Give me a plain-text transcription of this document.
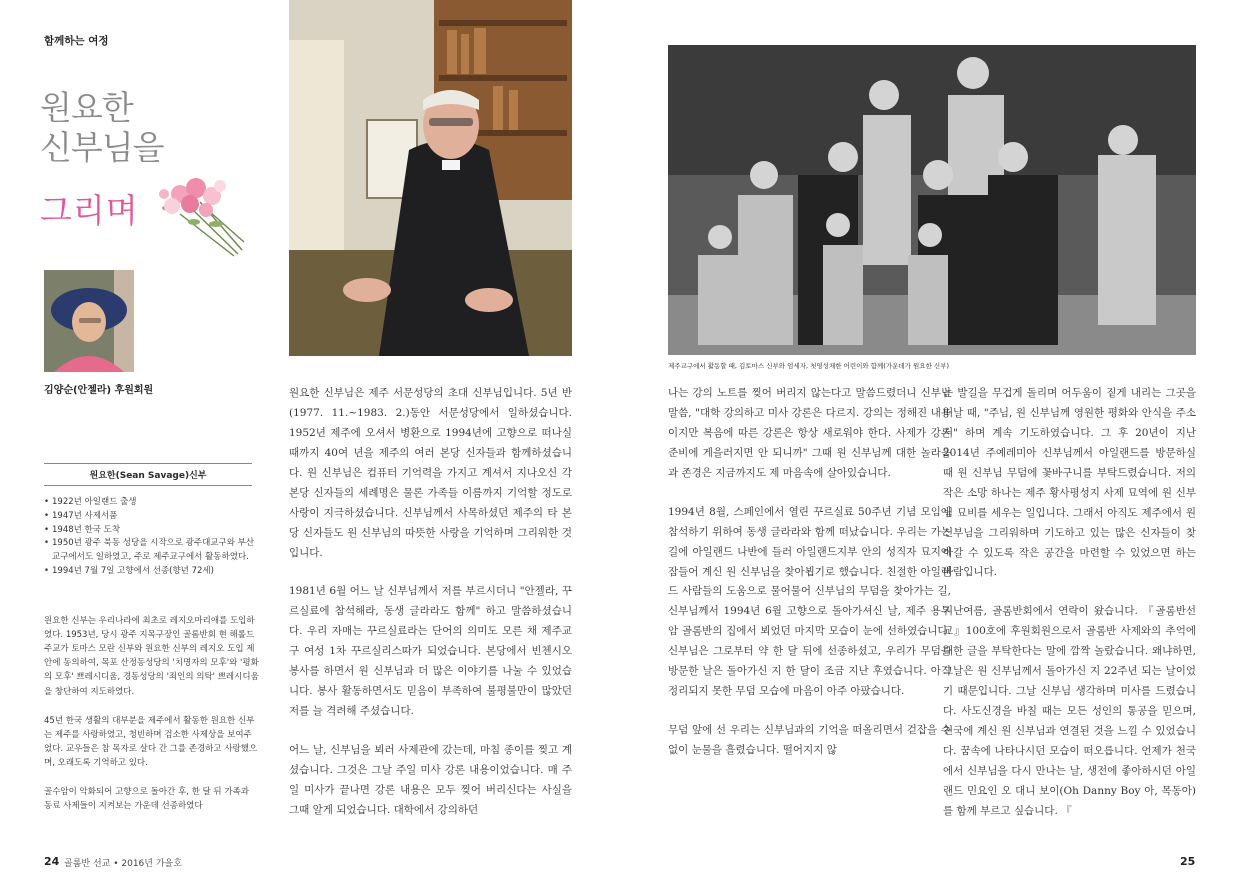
함께하는 여정
원요한
신부님을
그리며
김양순(안젤라) 후원회원
원요한(Sean Savage)신부
• 1922년 아일랜드 출생
• 1947년 사제서품
• 1948년 한국 도착
• 1950년 광주 북동 성당을 시작으로 광주대교구와 부산교구에서도 일하였고, 주로 제주교구에서 활동하였다.
• 1994년 7월 7일 고향에서 선종(향년 72세)

원요한 신부는 우리나라에 최초로 레지오마리애를 도입하였다. 1953년, 당시 광주 지목구장인 골롬반회 현 해롤드 주교가 토마스 모란 신부와 원요한 신부의 레지오 도입 제안에 동의하여, 목포 산정동성당의 '치명자의 모후'와 '평화의 모후' 쁘레시디움, 경동성당의 '죄인의 의탁' 쁘레시디움을 창단하여 지도하였다.

45년 한국 생활의 대부분을 제주에서 활동한 원요한 신부는 제주를 사랑하였고, 청빈하며 검소한 사제상을 보여주었다. 교우들은 참 목자로 살다 간 그를 존경하고 사랑했으며, 오래도록 기억하고 있다.

골수암이 악화되어 고향으로 돌아간 후, 한 달 뒤 가족과 동료 사제들이 지켜보는 가운데 선종하였다

제주교구에서 활동할 때, 김토마스 신부와 엄세자, 첫영성체한 어린이와 함께(가운데가 원요한 신부)

원요한 신부님은 제주 서문성당의 초대 신부님입니다. 5년 반(1977. 11.~1983. 2.)동안 서문성당에서 일하셨습니다. 1952년 제주에 오셔서 병환으로 1994년에 고향으로 떠나실 때까지 40여 년을 제주의 여러 본당 신자들과 함께하셨습니다. 원 신부님은 컴퓨터 기억력을 가지고 계셔서 지나오신 각 본당 신자들의 세례명은 물론 가족들 이름까지 기억할 정도로 사랑이 지극하셨습니다. 신부님께서 사목하셨던 제주의 타 본당 신자들도 원 신부님의 따뜻한 사랑을 기억하며 그리워한 것입니다.

1981년 6월 어느 날 신부님께서 저를 부르시더니 "안젤라, 꾸르실료에 참석해라, 동생 글라라도 함께" 하고 말씀하셨습니다. 우리 자매는 꾸르실료라는 단어의 의미도 모른 채 제주교구 여성 1차 꾸르실리스따가 되었습니다. 본당에서 빈첸시오 봉사를 하면서 원 신부님과 더 많은 이야기를 나눌 수 있었습니다. 봉사 활동하면서도 믿음이 부족하여 불평불만이 많았던 저를 늘 격려해 주셨습니다.

어느 날, 신부님을 뵈러 사제관에 갔는데, 마침 종이를 찢고 계셨습니다. 그것은 그날 주일 미사 강론 내용이었습니다. 매 주일 미사가 끝나면 강론 내용은 모두 찢어 버리신다는 사실을 그때 알게 되었습니다. 대학에서 강의하던

나는 강의 노트를 찢어 버리지 않는다고 말씀드렸더니 신부님 말씀, "대학 강의하고 미사 강론은 다르지. 강의는 정해진 내용이지만 복음에 따른 강론은 항상 새로워야 한다. 사제가 강론 준비에 게을러지면 안 되니까" 그때 원 신부님께 대한 놀라움과 존경은 지금까지도 제 마음속에 살아있습니다.

1994년 8월, 스페인에서 열린 꾸르실료 50주년 기념 모임에 참석하기 위하여 동생 글라라와 함께 떠났습니다. 우리는 가는 길에 아일랜드 나반에 들러 아일랜드지부 안의 성직자 묘지에 잠들어 계신 원 신부님을 찾아뵙기로 했습니다. 친절한 아일랜드 사람들의 도움으로 물어물어 신부님의 무덤을 찾아가는 길, 신부님께서 1994년 6월 고향으로 돌아가셔신 날, 제주 용두암 골롬반의 집에서 뵈었던 마지막 모습이 눈에 선하였습니다. 신부님은 그로부터 약 한 달 뒤에 선종하셨고, 우리가 무덤을 방문한 날은 돌아가신 지 한 달이 조금 지난 후였습니다. 아직 정리되지 못한 무덤 모습에 마음이 아주 아팠습니다.

무덤 앞에 선 우리는 신부님과의 기억을 떠올리면서 걷잡을 수 없이 눈물을 흘렸습니다. 떨어지지 않

는 발길을 무겁게 돌리며 어두움이 짙게 내리는 그곳을 떠날 때, "주님, 원 신부님께 영원한 평화와 안식을 주소서" 하며 계속 기도하였습니다. 그 후 20년이 지난 2014년 주예레미아 신부님께서 아일랜드를 방문하실 때 원 신부님 무덤에 꽃바구니를 부탁드렸습니다. 저의 작은 소망 하나는 제주 황사평성지 사제 묘역에 원 신부님 묘비를 세우는 일입니다. 그래서 아직도 제주에서 원 신부님을 그리워하며 기도하고 있는 많은 신자들이 찾아갈 수 있도록 작은 공간을 마련할 수 있었으면 하는 바람입니다.

지난여름, 골롬반회에서 연락이 왔습니다. 『골롬반선교』100호에 후원회원으로서 골롬반 사제와의 추억에 대한 글을 부탁한다는 말에 깜짝 놀랐습니다. 왜냐하면, 그날은 원 신부님께서 돌아가신 지 22주년 되는 날이었기 때문입니다. 그날 신부님 생각하며 미사를 드렸습니다. 사도신경을 바칠 때는 모든 성인의 통공을 믿으며, 천국에 계신 원 신부님과 연결된 것을 느낄 수 있었습니다. 꿈속에 나타나시던 모습이 떠오릅니다. 언제가 천국에서 신부님을 다시 만나는 날, 생전에 좋아하시던 아일랜드 민요인 오 대니 보이(Oh Danny Boy 아, 목동아)를 함께 부르고 싶습니다. 『

24 골롬반 선교 • 2016년 가을호	25
